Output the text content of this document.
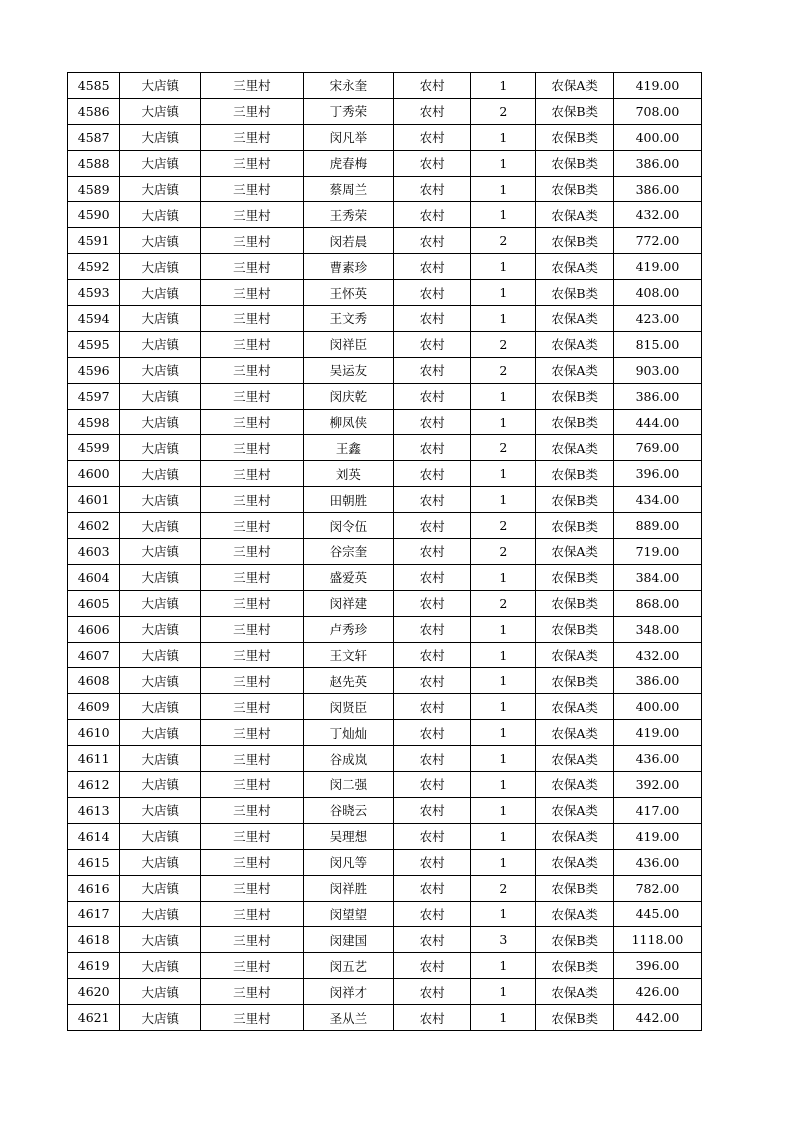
4585	大店镇	三里村	宋永奎	农村	1	农保A类	419.00
4586	大店镇	三里村	丁秀荣	农村	2	农保B类	708.00
4587	大店镇	三里村	闵凡举	农村	1	农保B类	400.00
4588	大店镇	三里村	虎春梅	农村	1	农保B类	386.00
4589	大店镇	三里村	蔡周兰	农村	1	农保B类	386.00
4590	大店镇	三里村	王秀荣	农村	1	农保A类	432.00
4591	大店镇	三里村	闵若晨	农村	2	农保B类	772.00
4592	大店镇	三里村	曹素珍	农村	1	农保A类	419.00
4593	大店镇	三里村	王怀英	农村	1	农保B类	408.00
4594	大店镇	三里村	王文秀	农村	1	农保A类	423.00
4595	大店镇	三里村	闵祥臣	农村	2	农保A类	815.00
4596	大店镇	三里村	吴运友	农村	2	农保A类	903.00
4597	大店镇	三里村	闵庆乾	农村	1	农保B类	386.00
4598	大店镇	三里村	柳凤侠	农村	1	农保B类	444.00
4599	大店镇	三里村	王鑫	农村	2	农保A类	769.00
4600	大店镇	三里村	刘英	农村	1	农保B类	396.00
4601	大店镇	三里村	田朝胜	农村	1	农保B类	434.00
4602	大店镇	三里村	闵令伍	农村	2	农保B类	889.00
4603	大店镇	三里村	谷宗奎	农村	2	农保A类	719.00
4604	大店镇	三里村	盛爱英	农村	1	农保B类	384.00
4605	大店镇	三里村	闵祥建	农村	2	农保B类	868.00
4606	大店镇	三里村	卢秀珍	农村	1	农保B类	348.00
4607	大店镇	三里村	王文轩	农村	1	农保A类	432.00
4608	大店镇	三里村	赵先英	农村	1	农保B类	386.00
4609	大店镇	三里村	闵贤臣	农村	1	农保A类	400.00
4610	大店镇	三里村	丁灿灿	农村	1	农保A类	419.00
4611	大店镇	三里村	谷成岚	农村	1	农保A类	436.00
4612	大店镇	三里村	闵二强	农村	1	农保A类	392.00
4613	大店镇	三里村	谷晓云	农村	1	农保A类	417.00
4614	大店镇	三里村	吴理想	农村	1	农保A类	419.00
4615	大店镇	三里村	闵凡等	农村	1	农保A类	436.00
4616	大店镇	三里村	闵祥胜	农村	2	农保B类	782.00
4617	大店镇	三里村	闵望望	农村	1	农保A类	445.00
4618	大店镇	三里村	闵建国	农村	3	农保B类	1118.00
4619	大店镇	三里村	闵五艺	农村	1	农保B类	396.00
4620	大店镇	三里村	闵祥才	农村	1	农保A类	426.00
4621	大店镇	三里村	圣从兰	农村	1	农保B类	442.00
